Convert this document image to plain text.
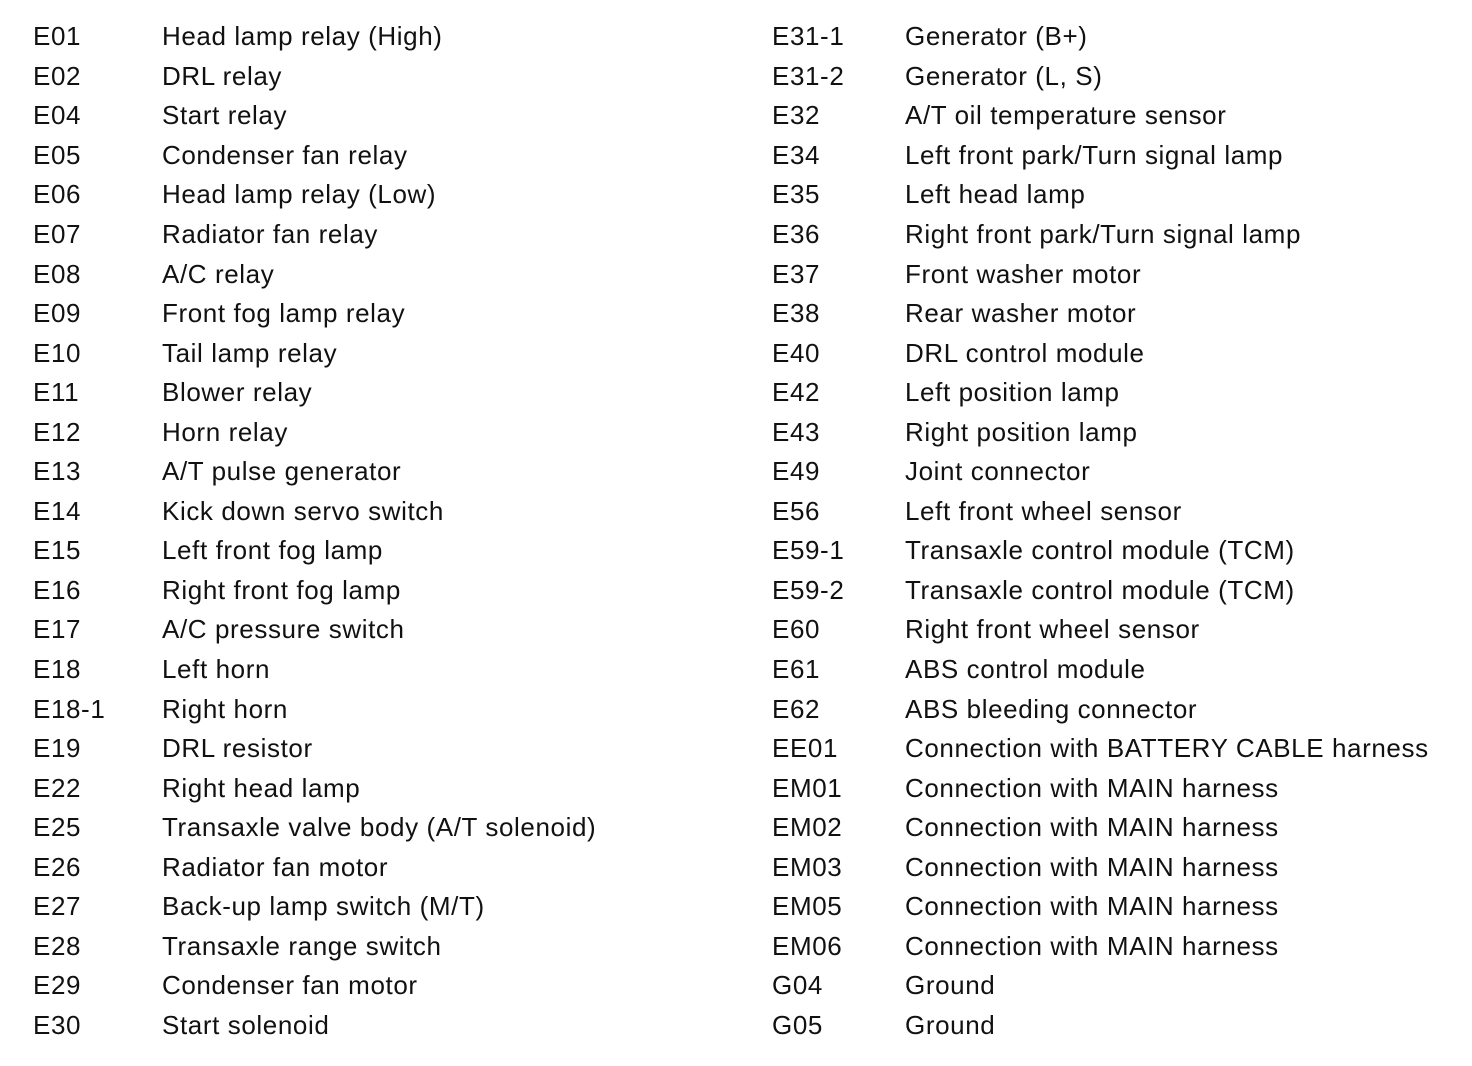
E01	Head lamp relay (High)
E02	DRL relay
E04	Start relay
E05	Condenser fan relay
E06	Head lamp relay (Low)
E07	Radiator fan relay
E08	A/C relay
E09	Front fog lamp relay
E10	Tail lamp relay
E11	Blower relay
E12	Horn relay
E13	A/T pulse generator
E14	Kick down servo switch
E15	Left front fog lamp
E16	Right front fog lamp
E17	A/C pressure switch
E18	Left horn
E18-1	Right horn
E19	DRL resistor
E22	Right head lamp
E25	Transaxle valve body (A/T solenoid)
E26	Radiator fan motor
E27	Back-up lamp switch (M/T)
E28	Transaxle range switch
E29	Condenser fan motor
E30	Start solenoid
E31-1	Generator (B+)
E31-2	Generator (L, S)
E32	A/T oil temperature sensor
E34	Left front park/Turn signal lamp
E35	Left head lamp
E36	Right front park/Turn signal lamp
E37	Front washer motor
E38	Rear washer motor
E40	DRL control module
E42	Left position lamp
E43	Right position lamp
E49	Joint connector
E56	Left front wheel sensor
E59-1	Transaxle control module (TCM)
E59-2	Transaxle control module (TCM)
E60	Right front wheel sensor
E61	ABS control module
E62	ABS bleeding connector
EE01	Connection with BATTERY CABLE harness
EM01	Connection with MAIN harness
EM02	Connection with MAIN harness
EM03	Connection with MAIN harness
EM05	Connection with MAIN harness
EM06	Connection with MAIN harness
G04	Ground
G05	Ground
